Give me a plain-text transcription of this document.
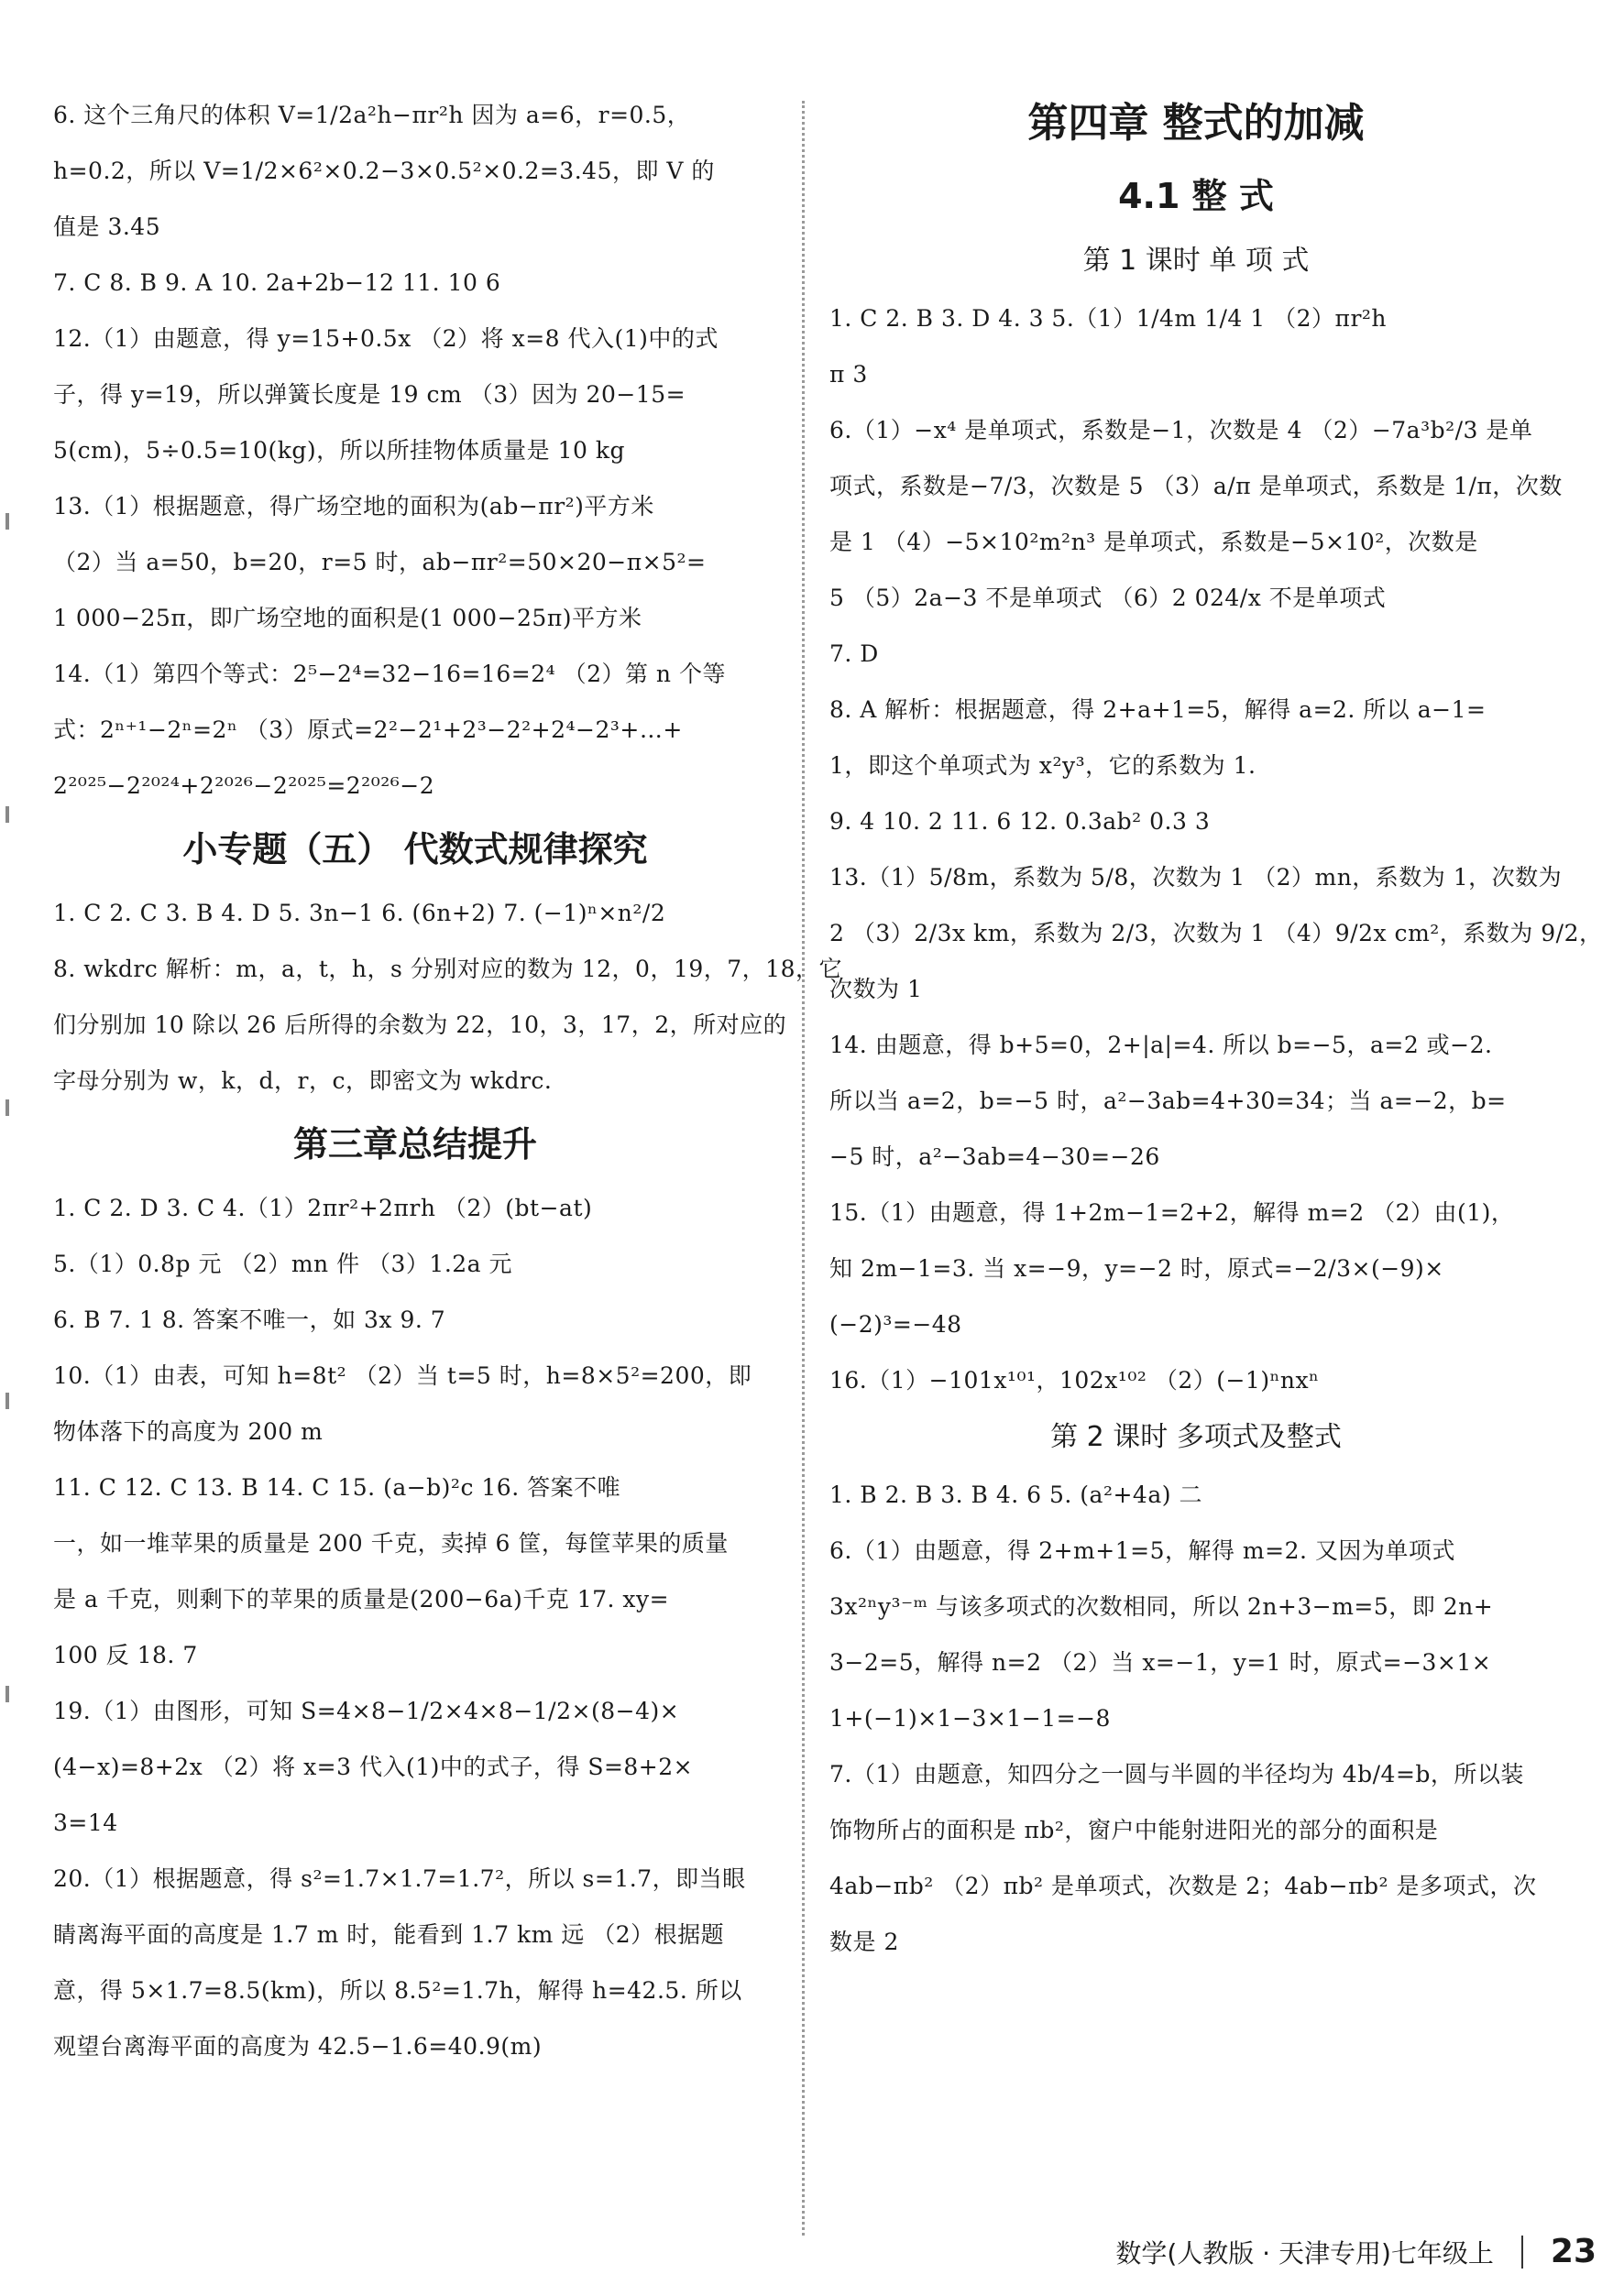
6. 这个三角尺的体积 V=1/2a²h−πr²h 因为 a=6，r=0.5，

h=0.2，所以 V=1/2×6²×0.2−3×0.5²×0.2=3.45，即 V 的

值是 3.45

7. C 8. B 9. A 10. 2a+2b−12 11. 10 6

12.（1）由题意，得 y=15+0.5x （2）将 x=8 代入(1)中的式

子，得 y=19，所以弹簧长度是 19 cm （3）因为 20−15=

5(cm)，5÷0.5=10(kg)，所以所挂物体质量是 10 kg

13.（1）根据题意，得广场空地的面积为(ab−πr²)平方米

（2）当 a=50，b=20，r=5 时，ab−πr²=50×20−π×5²=

1 000−25π，即广场空地的面积是(1 000−25π)平方米

14.（1）第四个等式：2⁵−2⁴=32−16=16=2⁴ （2）第 n 个等

式：2ⁿ⁺¹−2ⁿ=2ⁿ （3）原式=2²−2¹+2³−2²+2⁴−2³+…+

2²⁰²⁵−2²⁰²⁴+2²⁰²⁶−2²⁰²⁵=2²⁰²⁶−2

小专题（五） 代数式规律探究

1. C 2. C 3. B 4. D 5. 3n−1 6. (6n+2) 7. (−1)ⁿ×n²/2

8. wkdrc 解析：m，a，t，h，s 分别对应的数为 12，0，19，7，18，它

们分别加 10 除以 26 后所得的余数为 22，10，3，17，2，所对应的

字母分别为 w，k，d，r，c，即密文为 wkdrc.

第三章总结提升

1. C 2. D 3. C 4.（1）2πr²+2πrh （2）(bt−at)

5.（1）0.8p 元 （2）mn 件 （3）1.2a 元

6. B 7. 1 8. 答案不唯一，如 3x 9. 7

10.（1）由表，可知 h=8t² （2）当 t=5 时，h=8×5²=200，即

物体落下的高度为 200 m

11. C 12. C 13. B 14. C 15. (a−b)²c 16. 答案不唯

一，如一堆苹果的质量是 200 千克，卖掉 6 筐，每筐苹果的质量

是 a 千克，则剩下的苹果的质量是(200−6a)千克 17. xy=

100 反 18. 7

19.（1）由图形，可知 S=4×8−1/2×4×8−1/2×(8−4)×

(4−x)=8+2x （2）将 x=3 代入(1)中的式子，得 S=8+2×

3=14

20.（1）根据题意，得 s²=1.7×1.7=1.7²，所以 s=1.7，即当眼

睛离海平面的高度是 1.7 m 时，能看到 1.7 km 远 （2）根据题

意，得 5×1.7=8.5(km)，所以 8.5²=1.7h，解得 h=42.5. 所以

观望台离海平面的高度为 42.5−1.6=40.9(m)

第四章 整式的加减

4.1 整 式

第 1 课时 单 项 式

1. C 2. B 3. D 4. 3 5.（1）1/4m 1/4 1 （2）πr²h

π 3

6.（1）−x⁴ 是单项式，系数是−1，次数是 4 （2）−7a³b²/3 是单

项式，系数是−7/3，次数是 5 （3）a/π 是单项式，系数是 1/π，次数

是 1 （4）−5×10²m²n³ 是单项式，系数是−5×10²，次数是

5 （5）2a−3 不是单项式 （6）2 024/x 不是单项式

7. D

8. A 解析：根据题意，得 2+a+1=5，解得 a=2. 所以 a−1=

1，即这个单项式为 x²y³，它的系数为 1.

9. 4 10. 2 11. 6 12. 0.3ab² 0.3 3

13.（1）5/8m，系数为 5/8，次数为 1 （2）mn，系数为 1，次数为

2 （3）2/3x km，系数为 2/3，次数为 1 （4）9/2x cm²，系数为 9/2，

次数为 1

14. 由题意，得 b+5=0，2+|a|=4. 所以 b=−5，a=2 或−2.

所以当 a=2，b=−5 时，a²−3ab=4+30=34；当 a=−2，b=

−5 时，a²−3ab=4−30=−26

15.（1）由题意，得 1+2m−1=2+2，解得 m=2 （2）由(1)，

知 2m−1=3. 当 x=−9，y=−2 时，原式=−2/3×(−9)×

(−2)³=−48

16.（1）−101x¹⁰¹，102x¹⁰² （2）(−1)ⁿnxⁿ

第 2 课时 多项式及整式

1. B 2. B 3. B 4. 6 5. (a²+4a) 二

6.（1）由题意，得 2+m+1=5，解得 m=2. 又因为单项式

3x²ⁿy³⁻ᵐ 与该多项式的次数相同，所以 2n+3−m=5，即 2n+

3−2=5，解得 n=2 （2）当 x=−1，y=1 时，原式=−3×1×

1+(−1)×1−3×1−1=−8

7.（1）由题意，知四分之一圆与半圆的半径均为 4b/4=b，所以装

饰物所占的面积是 πb²，窗户中能射进阳光的部分的面积是

4ab−πb² （2）πb² 是单项式，次数是 2；4ab−πb² 是多项式，次

数是 2

数学(人教版 · 天津专用)七年级上 23
